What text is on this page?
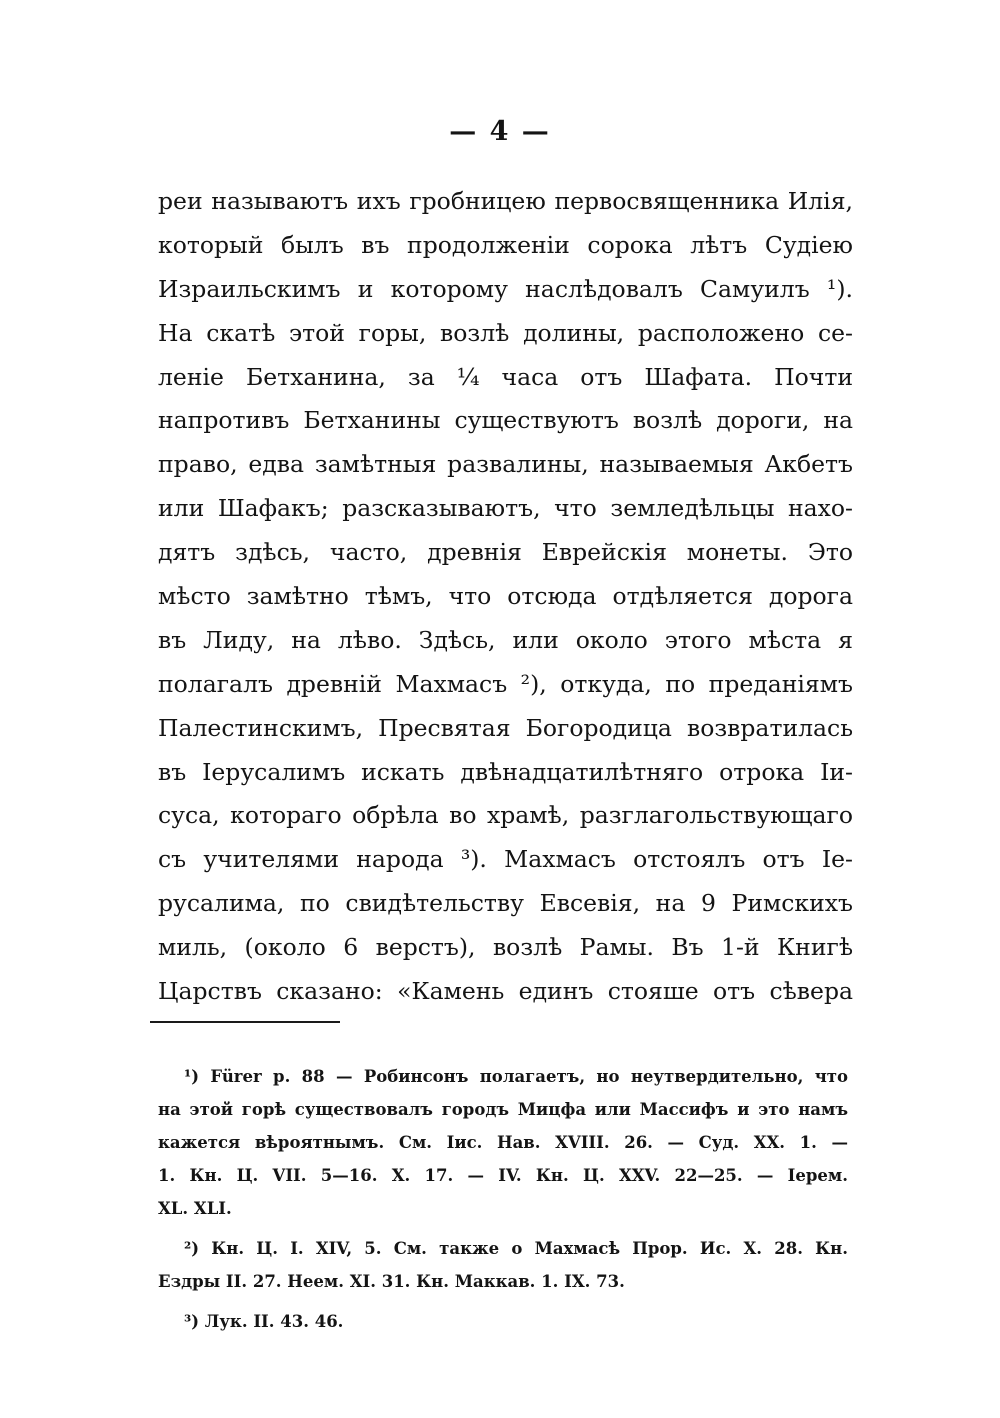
— 4 —
реи называютъ ихъ гробницею первосвященника Илія,
который былъ въ продолженіи сорока лѣтъ Судіею
Израильскимъ и которому наслѣдовалъ Самуилъ ¹).
На скатѣ этой горы, возлѣ долины, расположено се-
леніе Бетханина, за ¼ часа отъ Шафата. Почти
напротивъ Бетханины существуютъ возлѣ дороги, на
право, едва замѣтныя развалины, называемыя Акбетъ
или Шафакъ; разсказываютъ, что земледѣльцы нахо-
дятъ здѣсь, часто, древнія Еврейскія монеты. Это
мѣсто замѣтно тѣмъ, что отсюда отдѣляется дорога
въ Лиду, на лѣво. Здѣсь, или около этого мѣста я
полагалъ древній Махмасъ ²), откуда, по преданіямъ
Палестинскимъ, Пресвятая Богородица возвратилась
въ Іерусалимъ искать двѣнадцатилѣтняго отрока Іи-
суса, котораго обрѣла во храмѣ, разглагольствующаго
съ учителями народа ³). Махмасъ отстоялъ отъ Іе-
русалима, по свидѣтельству Евсевія, на 9 Римскихъ
миль, (около 6 верстъ), возлѣ Рамы. Въ 1-й Книгѣ
Царствъ сказано: «Камень единъ стояше отъ сѣвера
¹) Fürer p. 88 — Робинсонъ полагаетъ, но неутвердительно, что
на этой горѣ существовалъ городъ Мицфа или Массифъ и это намъ
кажется вѣроятнымъ. См. Іис. Нав. XVIII. 26. — Суд. XX. 1. —
1. Кн. Ц. VII. 5—16. X. 17. — IV. Кн. Ц. XXV. 22—25. — Iерем.
XL. XLI.
²) Кн. Ц. I. XIV, 5. См. также о Махмасѣ Прор. Ис. X. 28. Кн.
Ездры II. 27. Неем. XI. 31. Кн. Маккав. 1. IX. 73.
³) Лук. II. 43. 46.
